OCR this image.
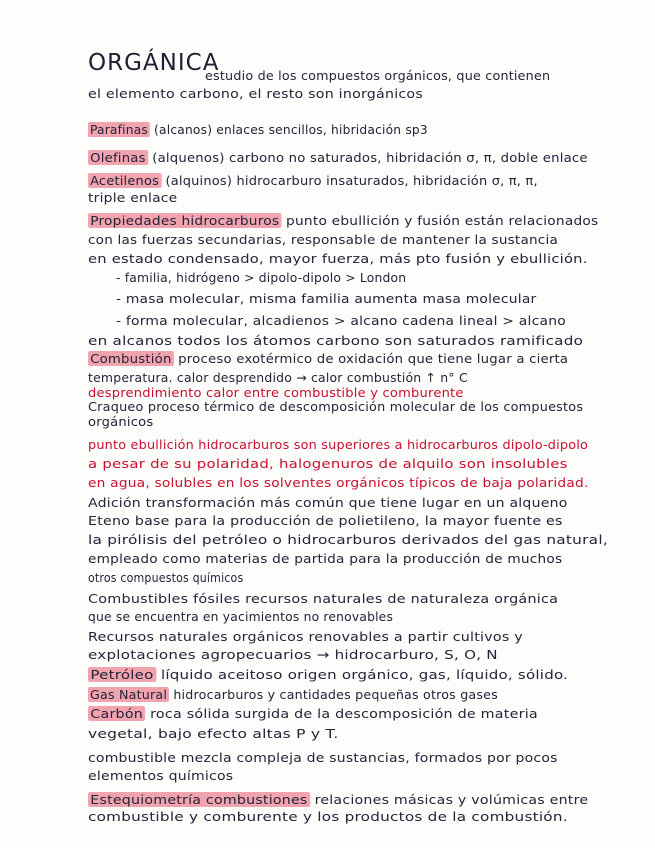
ORGÁNICA
estudio de los compuestos orgánicos, que contienen
el elemento carbono, el resto son inorgánicos
Parafinas (alcanos) enlaces sencillos, hibridación sp3
Olefinas (alquenos) carbono no saturados, hibridación σ, π, doble enlace
Acetilenos (alquinos) hidrocarburo insaturados, hibridación σ, π, π,
triple enlace
Propiedades hidrocarburos punto ebullición y fusión están relacionados
con las fuerzas secundarias, responsable de mantener la sustancia
en estado condensado, mayor fuerza, más pto fusión y ebullición.
- familia, hidrógeno > dipolo-dipolo > London
- masa molecular, misma familia aumenta masa molecular
- forma molecular, alcadienos > alcano cadena lineal > alcano
en alcanos todos los átomos carbono son saturados ramificado
Combustión proceso exotérmico de oxidación que tiene lugar a cierta
temperatura. calor desprendido → calor combustión ↑ n° C
desprendimiento calor entre combustible y comburente
Craqueo proceso térmico de descomposición molecular de los compuestos
orgánicos
punto ebullición hidrocarburos son superiores a hidrocarburos dipolo-dipolo
a pesar de su polaridad, halogenuros de alquilo son insolubles
en agua, solubles en los solventes orgánicos típicos de baja polaridad.
Adición transformación más común que tiene lugar en un alqueno
Eteno base para la producción de polietileno, la mayor fuente es
la pirólisis del petróleo o hidrocarburos derivados del gas natural,
empleado como materias de partida para la producción de muchos
otros compuestos químicos
Combustibles fósiles recursos naturales de naturaleza orgánica
que se encuentra en yacimientos no renovables
Recursos naturales orgánicos renovables a partir cultivos y
explotaciones agropecuarios → hidrocarburo, S, O, N
Petróleo líquido aceitoso origen orgánico, gas, líquido, sólido.
Gas Natural hidrocarburos y cantidades pequeñas otros gases
Carbón roca sólida surgida de la descomposición de materia
vegetal, bajo efecto altas P y T.
combustible mezcla compleja de sustancias, formados por pocos
elementos químicos
Estequiometría combustiones relaciones másicas y volúmicas entre
combustible y comburente y los productos de la combustión.
